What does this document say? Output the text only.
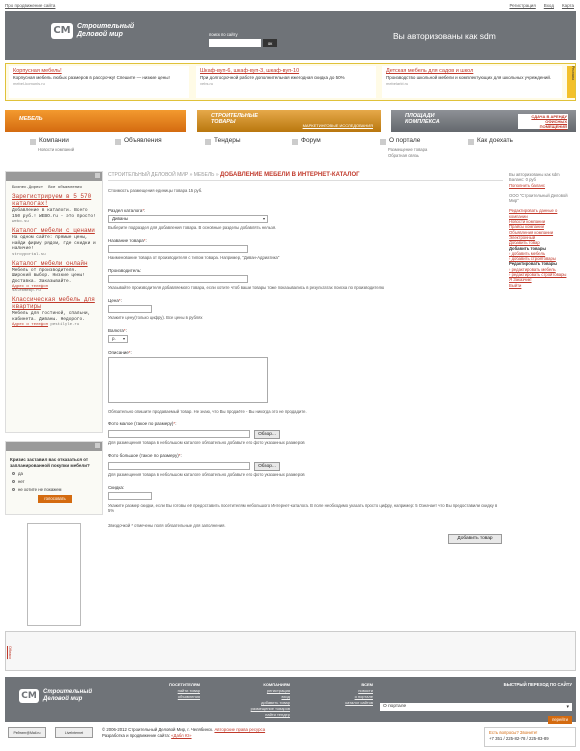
Про продвижение сайта	Регистрация Вход Карта
СМ Строительный
Деловой мир	поиск по сайту
ок
Вы авторизованы как sdm
Корпусная мебель!
Корпусная мебель любых размеров в рассрочку! Спешите — низкие цены!
mebel-komunis.ru
Шкаф-вуп-6, шкаф-вуп-3, шкаф-вуп-10
При долгосрочной работе дополнительная ежегодная скидка до 50%
vebs.ru
Детская мебель для садов и школ
Производство школьной мебели и комплектующих для школьных учреждений.
mebelarkt.ru
Реклама
МЕБЕЛЬ	СТРОИТЕЛЬНЫЕ ТОВАРЫ
МАРКЕТИНГОВЫЕ ИССЛЕДОВАНИЯ
ПЛОЩАДИ КОМПЛЕКСА
СДАЧА В АРЕНДУ ОФИСНЫХ ПОМЕЩЕНИЙ
Компании
Новости компаний
Объявления	Тендеры	Форум	О портале
Размещение товара
Обратная связь
Как доехать
Бизнес.Директ Все объявления
Зарегистрируем в 5 570 каталогах!
Добавление в каталоги. Всего 150 руб.! WEBO.ru - это просто!
webo.su
Каталог мебели с ценами
На одном сайте: прямые цены, найди фирму рядом, где скидки и наличие!
stroyportal.su
Каталог мебели онлайн
Мебель от производителя. Широкий выбор. Низкие цены! Доставка. Заказывайте.
Адрес и телефон
salebmebp.ru
Классическая мебель для квартиры
Мебель для гостиной, спальни, кабинета. Диваны. Недорого.
Адрес и телефон pestilyle.ru
Кризис заставил вас отказаться от запланированной покупки мебели?
да
нет
не хотите не покажем
голосовать
СТРОИТЕЛЬНЫЙ ДЕЛОВОЙ МИР » МЕБЕЛЬ » ДОБАВЛЕНИЕ МЕБЕЛИ В ИНТЕРНЕТ-КАТАЛОГ
Стоимость размещения единицы товара 15 руб.
Раздел каталога*:
Диваны ▾
Выберите подраздел для добавления товара. В основные разделы добавлять нельзя.
Название товара*:
Наименование товара от производителя с типом товара. Например, "Диван-Адриатика"
Производитель:
Указывайте производителя добавляемого товара, если хотите чтоб ваши товары тоже показывались в результатах поиска по производителю
Цена*:
Укажите цену(только цифру). Все цены в рублях
Валюта*:
р. ▾
Описание*:
Обязательно опишите продаваемый товар. Не знаю, что Вы продаёте - Вы никогда это не продадите.
Фото малое (такое по размеру)*:
Обзор...
Для размещения товара в небольшом каталоге обязательно добавьте его фото указанных размеров
Фото большое (такое по размеру)*:
Обзор...
Для размещения товара в небольшом каталоге обязательно добавьте его фото указанных размеров
Скидка:
Укажите размер скидки, если Вы готовы её предоставить посетителям небольшого Интернет-каталога. В поле необходимо указать просто цифру, например: 5 Означает что Вы предоставили скидку в 5%
Звездочкой * отмечены поля обязательные для заполнения.
Добавить товар
Вы авторизованы как sdm
Баланс: 0 руб
Пополнить баланс
ООО "Строительный Деловой Мир"
Редактировать данные о компании
Новости компании
Прайсы компании
Объявления компании
Электронный
Добавить товар
Добавить товары
› добавить мебель
› добавить стройтовары
Редактировать товары
› редактировать мебель
› редактировать стройтовары
Я Заказчик!
Выйти
Облако
СМ	Строительный
Деловой мир
ПОСЕТИТЕЛЯМ
найти товар
объявления
КОМПАНИЯМ
регистрация
вход
добавить товар
размещение товаров
найти тендер
ВСЕМ
новости
о портале
каталог сайтов
БЫСТРЫЙ ПЕРЕХОД ПО САЙТУ
О портале ▾
перейти
Рейтинг@Mail.ru	LiveInternet
© 2006-2012 Строительный Деловой Мир, г. Челябинск. Авторские права ресурса
Разработка и продвижение сайта: «Дабл Ю»	Есть вопросы? Звоните!
+7 351 / 225-82-78 / 225-83-89
